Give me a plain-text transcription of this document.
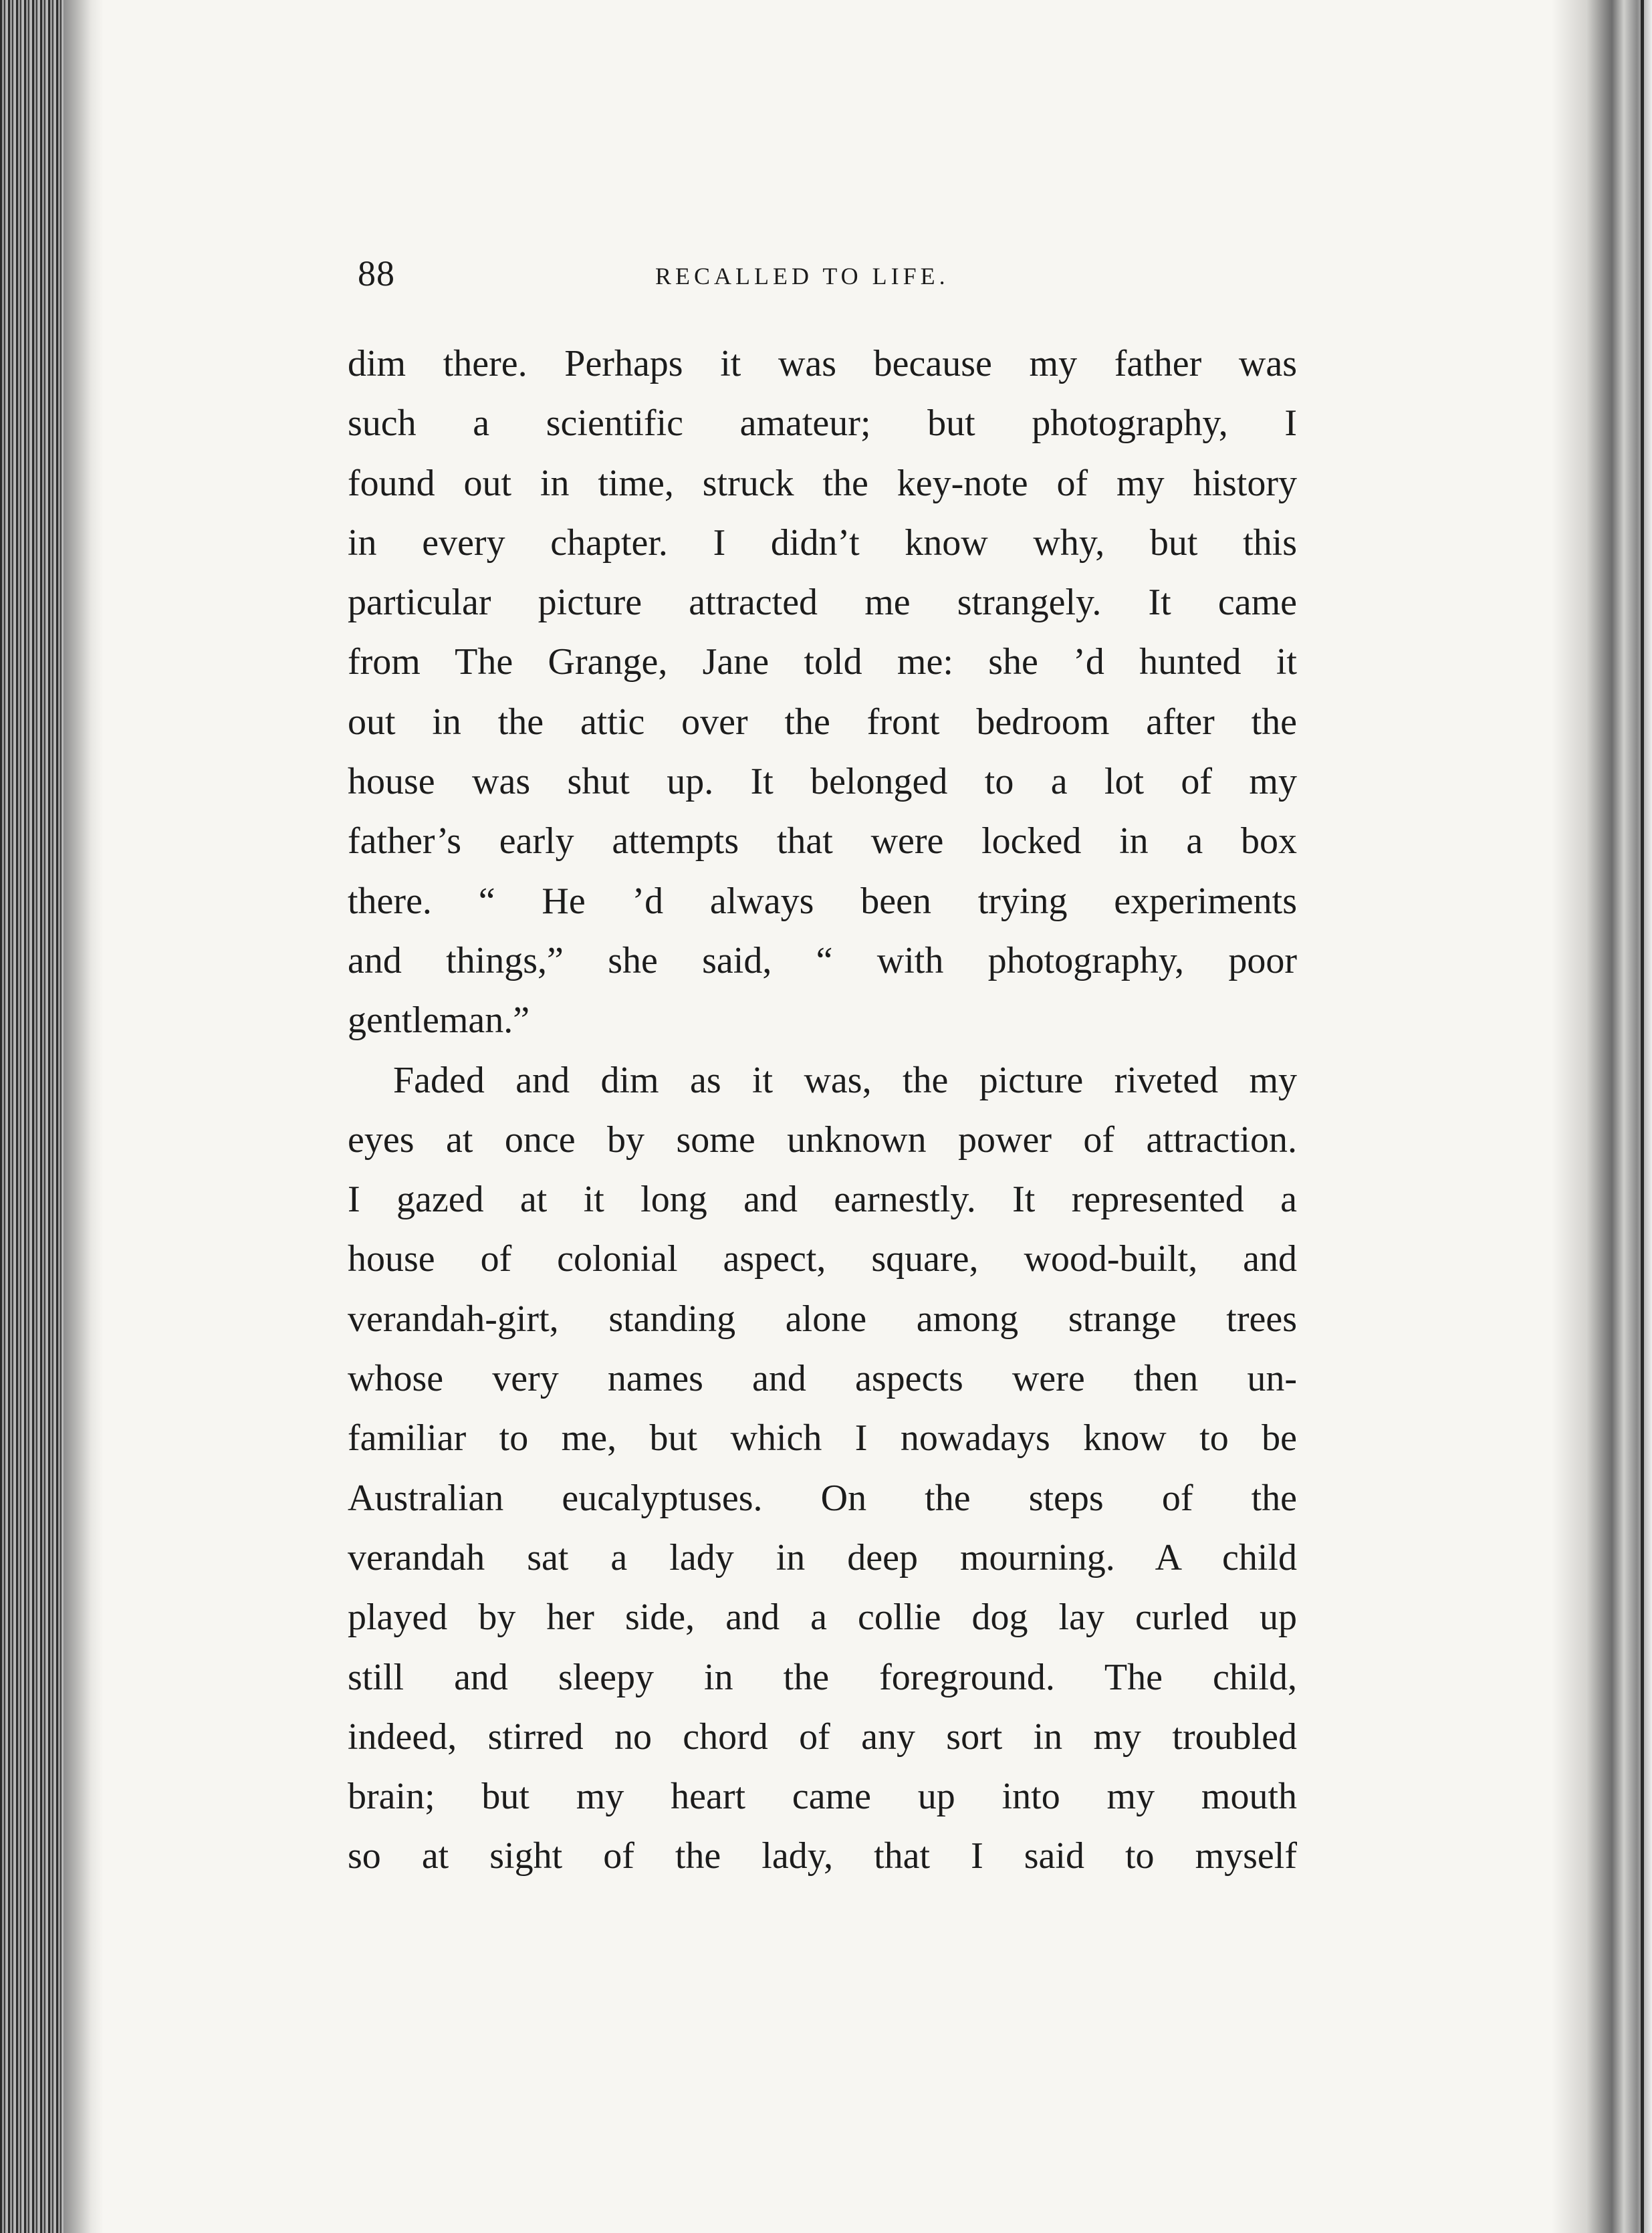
88	RECALLED TO LIFE.
dim there. Perhaps it was because my father was
such a scientific amateur; but photography, I
found out in time, struck the key-note of my history
in every chapter. I didn’t know why, but this
particular picture attracted me strangely. It came
from The Grange, Jane told me: she ’d hunted it
out in the attic over the front bedroom after the
house was shut up. It belonged to a lot of my
father’s early attempts that were locked in a box
there. “ He ’d always been trying experiments
and things,” she said, “ with photography, poor
gentleman.”
Faded and dim as it was, the picture riveted my
eyes at once by some unknown power of attraction.
I gazed at it long and earnestly. It represented a
house of colonial aspect, square, wood-built, and
verandah-girt, standing alone among strange trees
whose very names and aspects were then un-
familiar to me, but which I nowadays know to be
Australian eucalyptuses. On the steps of the
verandah sat a lady in deep mourning. A child
played by her side, and a collie dog lay curled up
still and sleepy in the foreground. The child,
indeed, stirred no chord of any sort in my troubled
brain; but my heart came up into my mouth
so at sight of the lady, that I said to myself
